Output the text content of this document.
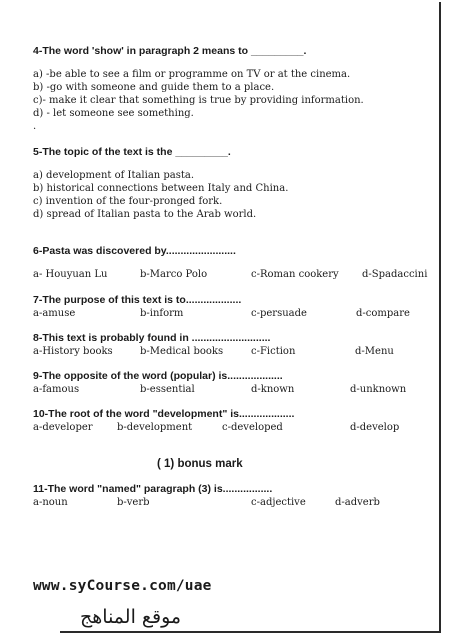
4-The word 'show' in paragraph 2 means to _________.
a) -be able to see a film or programme on TV or at the cinema.
b) -go with someone and guide them to a place.
c)- make it clear that something is true by providing information.
d) - let someone see something.
.
5-The topic of the text is the _________.
a) development of Italian pasta.
b) historical connections between Italy and China.
c) invention of the four-pronged fork.
d) spread of Italian pasta to the Arab world.
6-Pasta was discovered by........................
a- Houyuan Lu	b-Marco Polo	c-Roman cookery d-Spadaccini
7-The purpose of this text is to...................
a-amuse	b-inform	c-persuade	d-compare
8-This text is probably found in ...........................
a-History books	b-Medical books	c-Fiction	d-Menu
9-The opposite of the word (popular) is...................
a-famous	b-essential	d-known	d-unknown
10-The root of the word "development" is...................
a-developer b-development	c-developed	d-develop
( 1) bonus mark
11-The word "named" paragraph (3) is.................
a-noun	b-verb	c-adjective	d-adverb
www.syCourse.com/uae
موقع المناهج
